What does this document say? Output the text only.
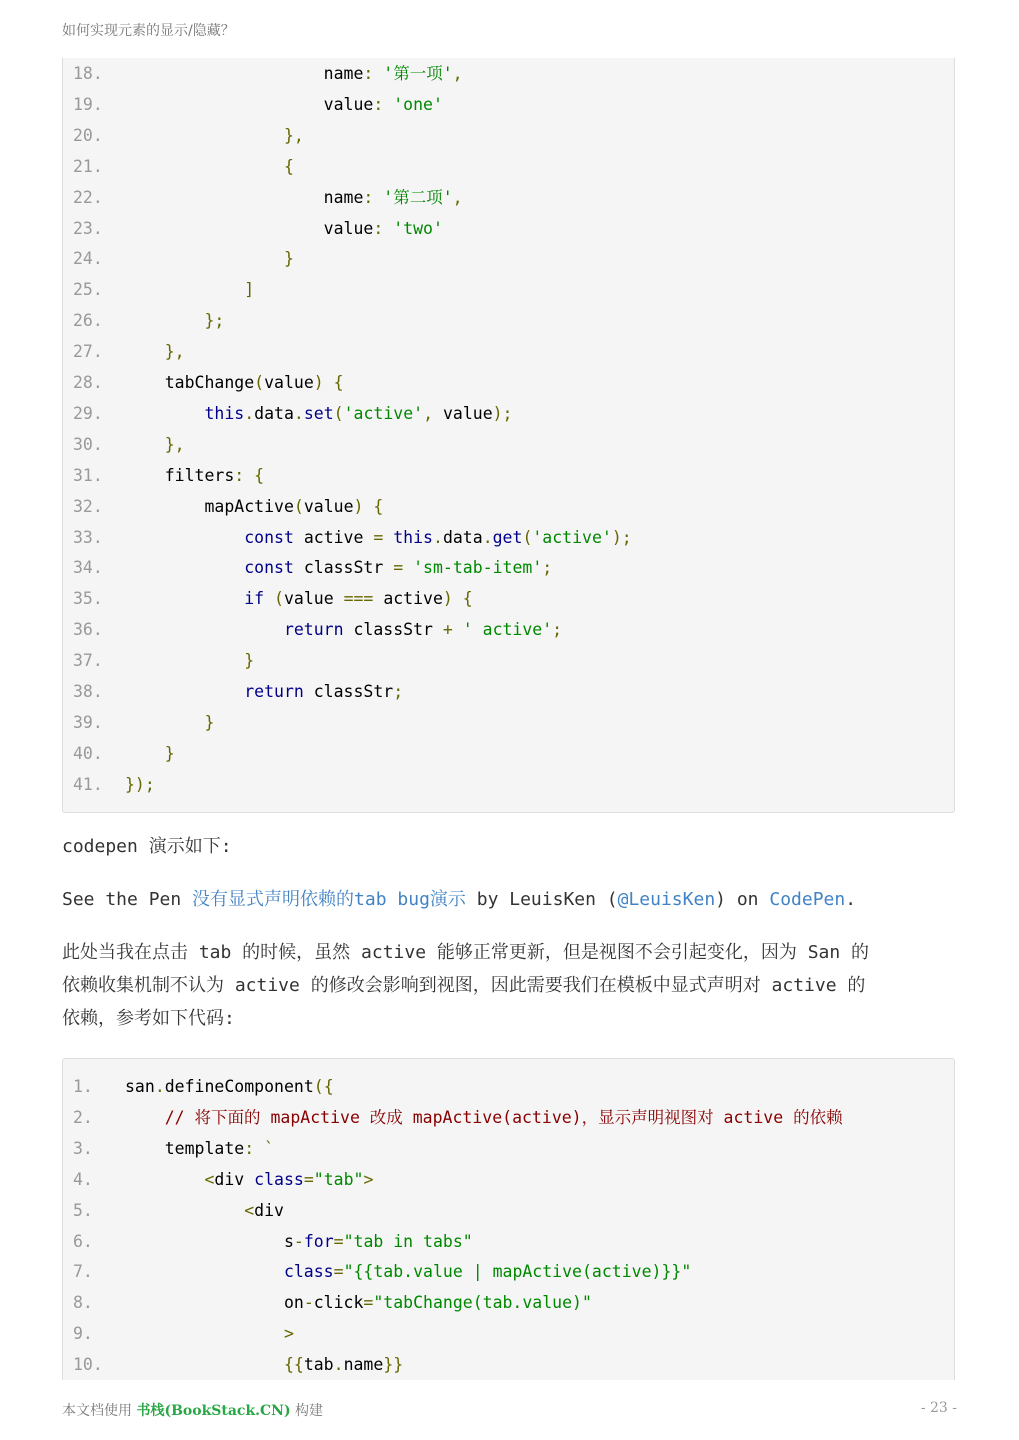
如何实现元素的显示/隐藏？
18.	name: '第一项',
19.	value: 'one'
20.	},
21.	{
22.	name: '第二项',
23.	value: 'two'
24.	}
25.	]
26.	};
27.	},
28.	tabChange(value) {
29.	this.data.set('active', value);
30.	},
31.	filters: {
32.	mapActive(value) {
33.	const active = this.data.get('active');
34.	const classStr = 'sm-tab-item';
35.	if (value === active) {
36.	return classStr + ' active';
37.	}
38.	return classStr;
39.	}
40.	}
41.	});
codepen 演示如下:
See the Pen 没有显式声明依赖的tab bug演示 by LeuisKen (@LeuisKen) on CodePen.
此处当我在点击 tab 的时候，虽然 active 能够正常更新，但是视图不会引起变化，因为 San 的
依赖收集机制不认为 active 的修改会影响到视图，因此需要我们在模板中显式声明对 active 的
依赖，参考如下代码:
1.	san.defineComponent({
2.	// 将下面的 mapActive 改成 mapActive(active)，显示声明视图对 active 的依赖
3.	template: `
4.	<div class="tab">
5.	<div
6.	s-for="tab in tabs"
7.	class="{{tab.value | mapActive(active)}}"
8.	on-click="tabChange(tab.value)"
9.	>
10.	{{tab.name}}
本文档使用 书栈(BookStack.CN) 构建	- 23 -
